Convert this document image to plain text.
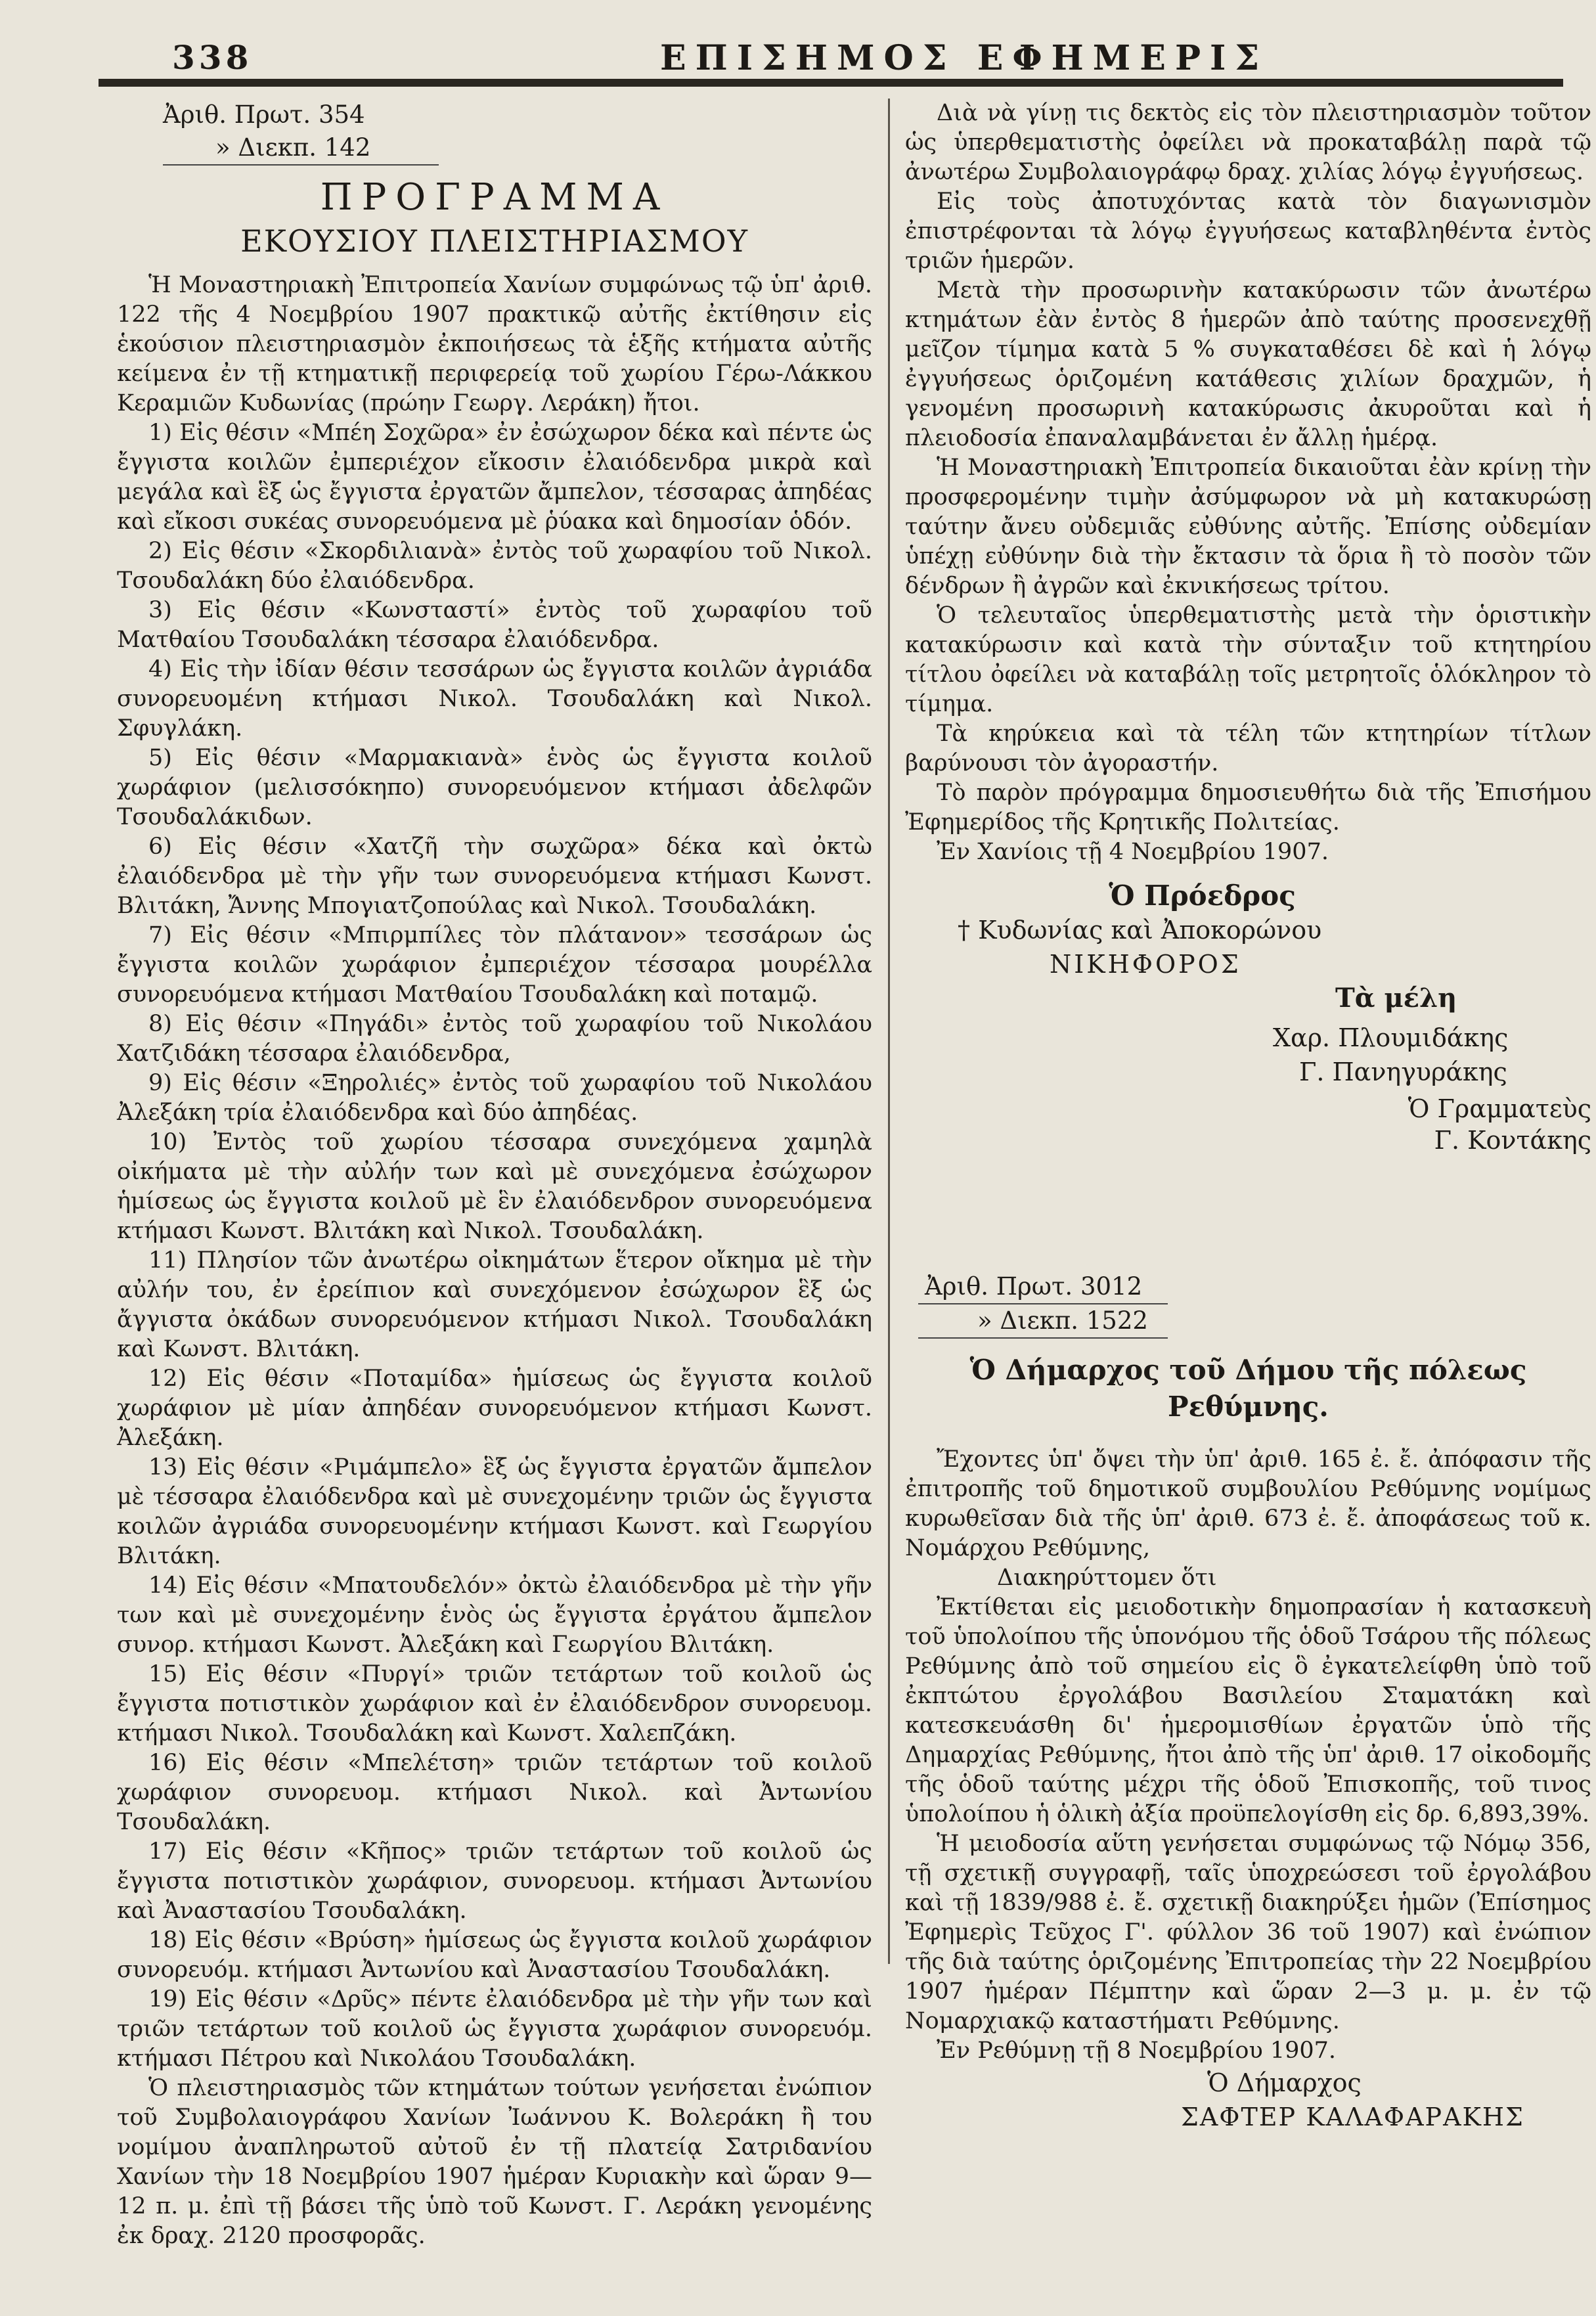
338	ΕΠΙΣΗΜΟΣ ΕΦΗΜΕΡΙΣ
Ἀριθ. Πρωτ. 354
» Διεκπ. 142

ΠΡΟΓΡΑΜΜΑ

ΕΚΟΥΣΙΟΥ ΠΛΕΙΣΤΗΡΙΑΣΜΟΥ

Ἡ Μοναστηριακὴ Ἐπιτροπεία Χανίων συμφώνως τῷ ὑπ' ἀριθ. 122 τῆς 4 Νοεμβρίου 1907 πρακτικῷ αὐτῆς ἐκτίθησιν εἰς ἑκούσιον πλειστηριασμὸν ἐκποιήσεως τὰ ἑξῆς κτήματα αὐτῆς κείμενα ἐν τῇ κτηματικῇ περιφερείᾳ τοῦ χωρίου Γέρω-Λάκκου Κεραμιῶν Κυδωνίας (πρώην Γεωργ. Λεράκη) ἤτοι.

1) Εἰς θέσιν «Μπέη Σοχῶρα» ἐν ἐσώχωρον δέκα καὶ πέντε ὡς ἔγγιστα κοιλῶν ἐμπεριέχον εἴκοσιν ἐλαιόδενδρα μικρὰ καὶ μεγάλα καὶ ἓξ ὡς ἔγγιστα ἐργατῶν ἄμπελον, τέσσαρας ἀπηδέας καὶ εἴκοσι συκέας συνορευόμενα μὲ ῥύακα καὶ δημοσίαν ὁδόν.

2) Εἰς θέσιν «Σκορδιλιανὰ» ἐντὸς τοῦ χωραφίου τοῦ Νικολ. Τσουδαλάκη δύο ἐλαιόδενδρα.

3) Εἰς θέσιν «Κωνσταστί» ἐντὸς τοῦ χωραφίου τοῦ Ματθαίου Τσουδαλάκη τέσσαρα ἐλαιόδενδρα.

4) Εἰς τὴν ἰδίαν θέσιν τεσσάρων ὡς ἔγγιστα κοιλῶν ἀγριάδα συνορευομένη κτήμασι Νικολ. Τσουδαλάκη καὶ Νικολ. Σφυγλάκη.

5) Εἰς θέσιν «Μαρμακιανὰ» ἑνὸς ὡς ἔγγιστα κοιλοῦ χωράφιον (μελισσόκηπο) συνορευόμενον κτήμασι ἀδελφῶν Τσουδαλάκιδων.

6) Εἰς θέσιν «Χατζῆ τὴν σωχῶρα» δέκα καὶ ὀκτὼ ἐλαιόδενδρα μὲ τὴν γῆν των συνορευόμενα κτήμασι Κωνστ. Βλιτάκη, Ἄννης Μπογιατζοπούλας καὶ Νικολ. Τσουδαλάκη.

7) Εἰς θέσιν «Μπιρμπίλες τὸν πλάτανον» τεσσάρων ὡς ἔγγιστα κοιλῶν χωράφιον ἐμπεριέχον τέσσαρα μουρέλλα συνορευόμενα κτήμασι Ματθαίου Τσουδαλάκη καὶ ποταμῷ.

8) Εἰς θέσιν «Πηγάδι» ἐντὸς τοῦ χωραφίου τοῦ Νικολάου Χατζιδάκη τέσσαρα ἐλαιόδενδρα,

9) Εἰς θέσιν «Ξηρολιές» ἐντὸς τοῦ χωραφίου τοῦ Νικολάου Ἀλεξάκη τρία ἐλαιόδενδρα καὶ δύο ἀπηδέας.

10) Ἐντὸς τοῦ χωρίου τέσσαρα συνεχόμενα χαμηλὰ οἰκήματα μὲ τὴν αὐλήν των καὶ μὲ συνεχόμενα ἐσώχωρον ἡμίσεως ὡς ἔγγιστα κοιλοῦ μὲ ἓν ἐλαιόδενδρον συνορευόμενα κτήμασι Κωνστ. Βλιτάκη καὶ Νικολ. Τσουδαλάκη.

11) Πλησίον τῶν ἀνωτέρω οἰκημάτων ἕτερον οἴκημα μὲ τὴν αὐλήν του, ἐν ἐρείπιον καὶ συνεχόμενον ἐσώχωρον ἓξ ὡς ἄγγιστα ὀκάδων συνορευόμενον κτήμασι Νικολ. Τσουδαλάκη καὶ Κωνστ. Βλιτάκη.

12) Εἰς θέσιν «Ποταμίδα» ἡμίσεως ὡς ἔγγιστα κοιλοῦ χωράφιον μὲ μίαν ἀπηδέαν συνορευόμενον κτήμασι Κωνστ. Ἀλεξάκη.

13) Εἰς θέσιν «Ριμάμπελο» ἓξ ὡς ἔγγιστα ἐργατῶν ἄμπελον μὲ τέσσαρα ἐλαιόδενδρα καὶ μὲ συνεχομένην τριῶν ὡς ἔγγιστα κοιλῶν ἀγριάδα συνορευομένην κτήμασι Κωνστ. καὶ Γεωργίου Βλιτάκη.

14) Εἰς θέσιν «Μπατουδελόν» ὀκτὼ ἐλαιόδενδρα μὲ τὴν γῆν των καὶ μὲ συνεχομένην ἑνὸς ὡς ἔγγιστα ἐργάτου ἄμπελον συνορ. κτήμασι Κωνστ. Ἀλεξάκη καὶ Γεωργίου Βλιτάκη.

15) Εἰς θέσιν «Πυργί» τριῶν τετάρτων τοῦ κοιλοῦ ὡς ἔγγιστα ποτιστικὸν χωράφιον καὶ ἐν ἐλαιόδενδρον συνορευομ. κτήμασι Νικολ. Τσουδαλάκη καὶ Κωνστ. Χαλεπζάκη.

16) Εἰς θέσιν «Μπελέτση» τριῶν τετάρτων τοῦ κοιλοῦ χωράφιον συνορευομ. κτήμασι Νικολ. καὶ Ἀντωνίου Τσουδαλάκη.

17) Εἰς θέσιν «Κῆπος» τριῶν τετάρτων τοῦ κοιλοῦ ὡς ἔγγιστα ποτιστικὸν χωράφιον, συνορευομ. κτήμασι Ἀντωνίου καὶ Ἀναστασίου Τσουδαλάκη.

18) Εἰς θέσιν «Βρύση» ἡμίσεως ὡς ἔγγιστα κοιλοῦ χωράφιον συνορευόμ. κτήμασι Ἀντωνίου καὶ Ἀναστασίου Τσουδαλάκη.

19) Εἰς θέσιν «Δρῦς» πέντε ἐλαιόδενδρα μὲ τὴν γῆν των καὶ τριῶν τετάρτων τοῦ κοιλοῦ ὡς ἔγγιστα χωράφιον συνορευόμ. κτήμασι Πέτρου καὶ Νικολάου Τσουδαλάκη.

Ὁ πλειστηριασμὸς τῶν κτημάτων τούτων γενήσεται ἐνώπιον τοῦ Συμβολαιογράφου Χανίων Ἰωάννου Κ. Βολεράκη ἢ του νομίμου ἀναπληρωτοῦ αὐτοῦ ἐν τῇ πλατείᾳ Σατριδανίου Χανίων τὴν 18 Νοεμβρίου 1907 ἡμέραν Κυριακὴν καὶ ὥραν 9—12 π. μ. ἐπὶ τῇ βάσει τῆς ὑπὸ τοῦ Κωνστ. Γ. Λεράκη γενομένης ἐκ δραχ. 2120 προσφορᾶς.

Διὰ νὰ γίνῃ τις δεκτὸς εἰς τὸν πλειστηριασμὸν τοῦτον ὡς ὑπερθεματιστὴς ὀφείλει νὰ προκαταβάλῃ παρὰ τῷ ἀνωτέρω Συμβολαιογράφῳ δραχ. χιλίας λόγῳ ἐγγυήσεως.

Εἰς τοὺς ἀποτυχόντας κατὰ τὸν διαγωνισμὸν ἐπιστρέφονται τὰ λόγῳ ἐγγυήσεως καταβληθέντα ἐντὸς τριῶν ἡμερῶν.

Μετὰ τὴν προσωρινὴν κατακύρωσιν τῶν ἀνωτέρω κτημάτων ἐὰν ἐντὸς 8 ἡμερῶν ἀπὸ ταύτης προσενεχθῇ μεῖζον τίμημα κατὰ 5 % συγκαταθέσει δὲ καὶ ἡ λόγῳ ἐγγυήσεως ὁριζομένη κατάθεσις χιλίων δραχμῶν, ἡ γενομένη προσωρινὴ κατακύρωσις ἀκυροῦται καὶ ἡ πλειοδοσία ἐπαναλαμβάνεται ἐν ἄλλῃ ἡμέρᾳ.

Ἡ Μοναστηριακὴ Ἐπιτροπεία δικαιοῦται ἐὰν κρίνῃ τὴν προσφερομένην τιμὴν ἀσύμφωρον νὰ μὴ κατακυρώσῃ ταύτην ἄνευ οὐδεμιᾶς εὐθύνης αὐτῆς. Ἐπίσης οὐδεμίαν ὑπέχῃ εὐθύνην διὰ τὴν ἔκτασιν τὰ ὅρια ἢ τὸ ποσὸν τῶν δένδρων ἢ ἀγρῶν καὶ ἐκνικήσεως τρίτου.

Ὁ τελευταῖος ὑπερθεματιστὴς μετὰ τὴν ὁριστικὴν κατακύρωσιν καὶ κατὰ τὴν σύνταξιν τοῦ κτητηρίου τίτλου ὀφείλει νὰ καταβάλῃ τοῖς μετρητοῖς ὁλόκληρον τὸ τίμημα.

Τὰ κηρύκεια καὶ τὰ τέλη τῶν κτητηρίων τίτλων βαρύνουσι τὸν ἀγοραστήν.

Τὸ παρὸν πρόγραμμα δημοσιευθήτω διὰ τῆς Ἐπισήμου Ἐφημερίδος τῆς Κρητικῆς Πολιτείας.

Ἐν Χανίοις τῇ 4 Νοεμβρίου 1907.

Ὁ Πρόεδρος
† Κυδωνίας καὶ Ἀποκορώνου
ΝΙΚΗΦΟΡΟΣ
Τὰ μέλη
Χαρ. Πλουμιδάκης
Γ. Πανηγυράκης
Ὁ Γραμματεὺς
Γ. Κοντάκης
Ἀριθ. Πρωτ. 3012
» Διεκπ. 1522

Ὁ Δήμαρχος τοῦ Δήμου τῆς πόλεως Ρεθύμνης.

Ἔχοντες ὑπ' ὄψει τὴν ὑπ' ἀριθ. 165 ἐ. ἔ. ἀπόφασιν τῆς ἐπιτροπῆς τοῦ δημοτικοῦ συμβουλίου Ρεθύμνης νομίμως κυρωθεῖσαν διὰ τῆς ὑπ' ἀριθ. 673 ἐ. ἔ. ἀποφάσεως τοῦ κ. Νομάρχου Ρεθύμνης,

Διακηρύττομεν ὅτι

Ἐκτίθεται εἰς μειοδοτικὴν δημοπρασίαν ἡ κατασκευὴ τοῦ ὑπολοίπου τῆς ὑπονόμου τῆς ὁδοῦ Τσάρου τῆς πόλεως Ρεθύμνης ἀπὸ τοῦ σημείου εἰς ὃ ἐγκατελείφθη ὑπὸ τοῦ ἐκπτώτου ἐργολάβου Βασιλείου Σταματάκη καὶ κατεσκευάσθη δι' ἡμερομισθίων ἐργατῶν ὑπὸ τῆς Δημαρχίας Ρεθύμνης, ἤτοι ἀπὸ τῆς ὑπ' ἀριθ. 17 οἰκοδομῆς τῆς ὁδοῦ ταύτης μέχρι τῆς ὁδοῦ Ἐπισκοπῆς, τοῦ τινος ὑπολοίπου ἡ ὁλικὴ ἀξία προϋπελογίσθη εἰς δρ. 6,893,39%.

Ἡ μειοδοσία αὕτη γενήσεται συμφώνως τῷ Νόμῳ 356, τῇ σχετικῇ συγγραφῇ, ταῖς ὑποχρεώσεσι τοῦ ἐργολάβου καὶ τῇ 1839/988 ἐ. ἔ. σχετικῇ διακηρύξει ἡμῶν (Ἐπίσημος Ἐφημερὶς Τεῦχος Γ'. φύλλον 36 τοῦ 1907) καὶ ἐνώπιον τῆς διὰ ταύτης ὁριζομένης Ἐπιτροπείας τὴν 22 Νοεμβρίου 1907 ἡμέραν Πέμπτην καὶ ὥραν 2—3 μ. μ. ἐν τῷ Νομαρχιακῷ καταστήματι Ρεθύμνης.

Ἐν Ρεθύμνῃ τῇ 8 Νοεμβρίου 1907.

Ὁ Δήμαρχος
ΣΑΦΤΕΡ ΚΑΛΑΦΑΡΑΚΗΣ
